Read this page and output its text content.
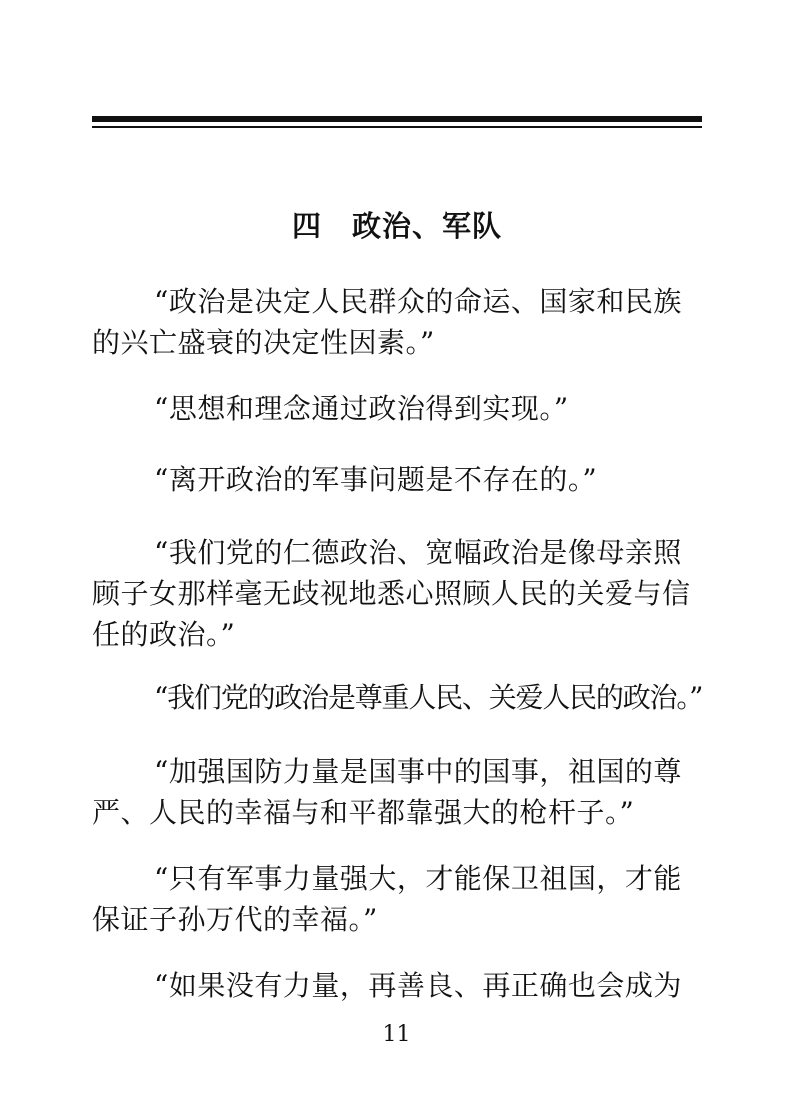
四　政治、军队
“政治是决定人民群众的命运、国家和民族
的兴亡盛衰的决定性因素。”
“思想和理念通过政治得到实现。”
“离开政治的军事问题是不存在的。”
“我们党的仁德政治、宽幅政治是像母亲照
顾子女那样毫无歧视地悉心照顾人民的关爱与信
任的政治。”
“我们党的政治是尊重人民、关爱人民的政治。”
“加强国防力量是国事中的国事，祖国的尊
严、人民的幸福与和平都靠强大的枪杆子。”
“只有军事力量强大，才能保卫祖国，才能
保证子孙万代的幸福。”
“如果没有力量，再善良、再正确也会成为
11
